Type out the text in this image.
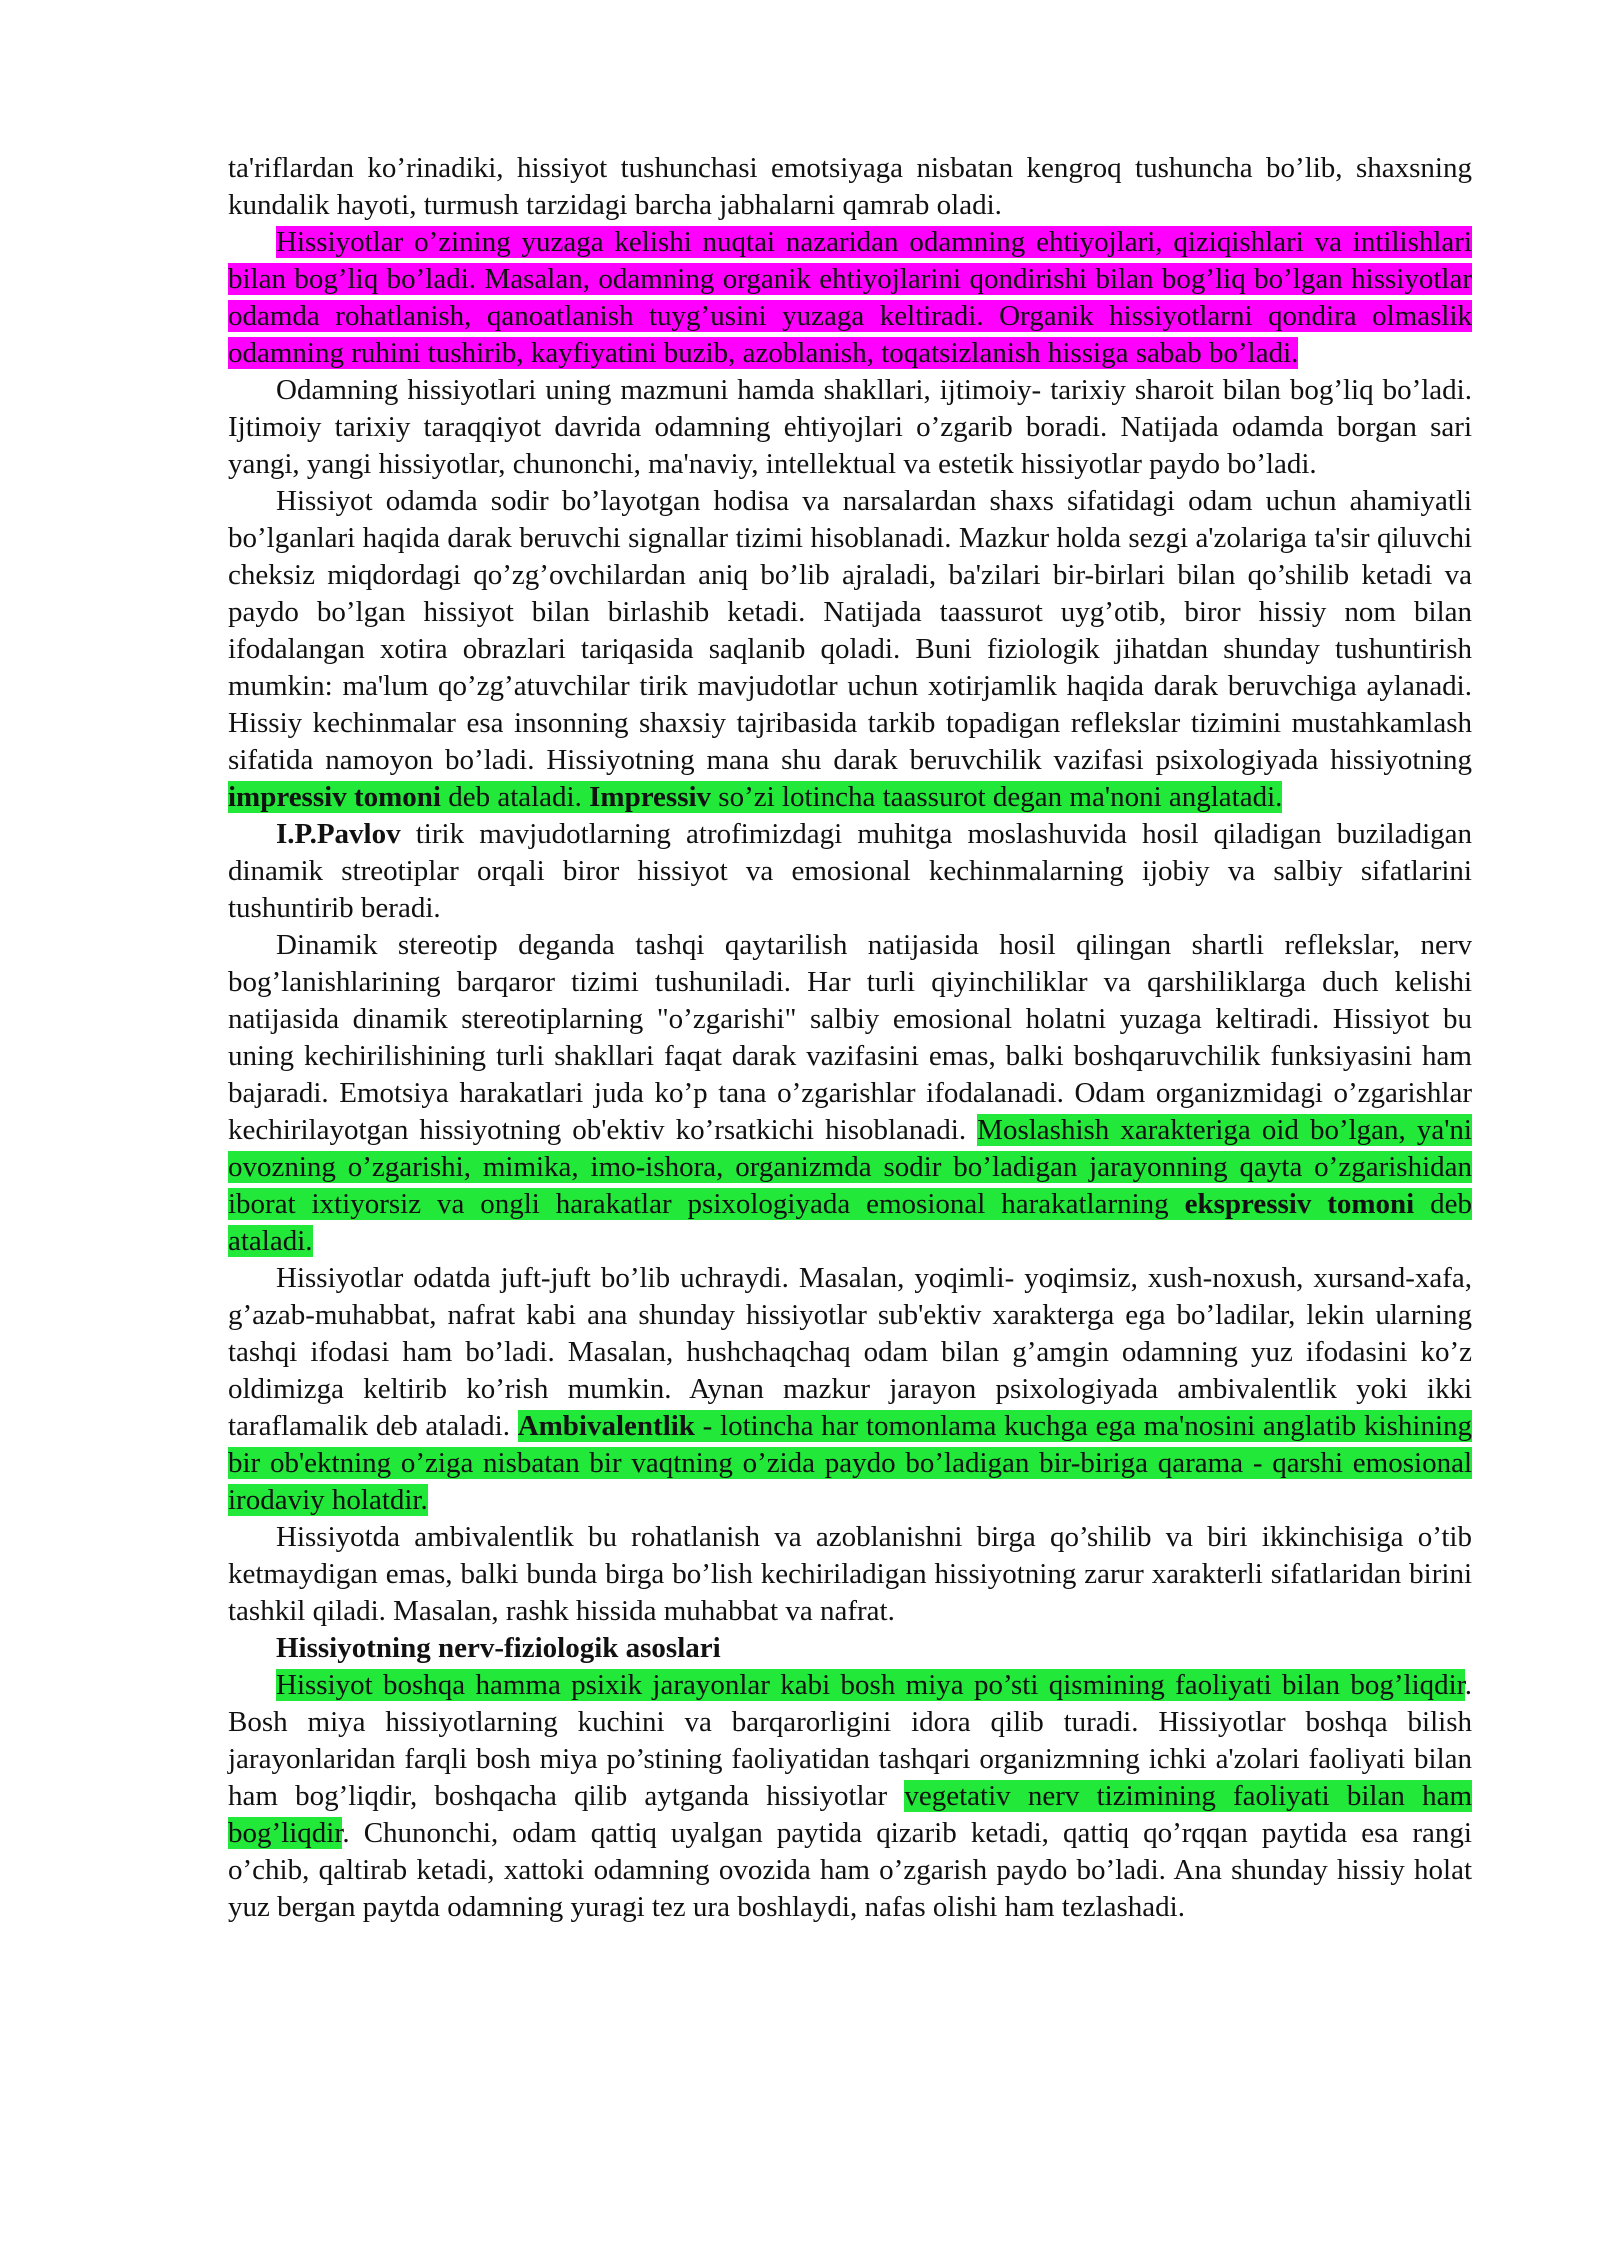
ta'riflardan ko’rinadiki, hissiyot tushunchasi emotsiyaga nisbatan kengroq tushuncha bo’lib, shaxsning kundalik hayoti, turmush tarzidagi barcha jabhalarni qamrab oladi.

Hissiyotlar o’zining yuzaga kelishi nuqtai nazaridan odamning ehtiyojlari, qiziqishlari va intilishlari bilan bog’liq bo’ladi. Masalan, odamning organik ehtiyojlarini qondirishi bilan bog’liq bo’lgan hissiyotlar odamda rohatlanish, qanoatlanish tuyg’usini yuzaga keltiradi. Organik hissiyotlarni qondira olmaslik odamning ruhini tushirib, kayfiyatini buzib, azoblanish, toqatsizlanish hissiga sabab bo’ladi.

Odamning hissiyotlari uning mazmuni hamda shakllari, ijtimoiy- tarixiy sharoit bilan bog’liq bo’ladi. Ijtimoiy tarixiy taraqqiyot davrida odamning ehtiyojlari o’zgarib boradi. Natijada odamda borgan sari yangi, yangi hissiyotlar, chunonchi, ma'naviy, intellektual va estetik hissiyotlar paydo bo’ladi.

Hissiyot odamda sodir bo’layotgan hodisa va narsalardan shaxs sifatidagi odam uchun ahamiyatli bo’lganlari haqida darak beruvchi signallar tizimi hisoblanadi. Mazkur holda sezgi a'zolariga ta'sir qiluvchi cheksiz miqdordagi qo’zg’ovchilardan aniq bo’lib ajraladi, ba'zilari bir-birlari bilan qo’shilib ketadi va paydo bo’lgan hissiyot bilan birlashib ketadi. Natijada taassurot uyg’otib, biror hissiy nom bilan ifodalangan xotira obrazlari tariqasida saqlanib qoladi. Buni fiziologik jihatdan shunday tushuntirish mumkin: ma'lum qo’zg’atuvchilar tirik mavjudotlar uchun xotirjamlik haqida darak beruvchiga aylanadi. Hissiy kechinmalar esa insonning shaxsiy tajribasida tarkib topadigan reflekslar tizimini mustahkamlash sifatida namoyon bo’ladi. Hissiyotning mana shu darak beruvchilik vazifasi psixologiyada hissiyotning impressiv tomoni deb ataladi. Impressiv so’zi lotincha taassurot degan ma'noni anglatadi.

I.P.Pavlov tirik mavjudotlarning atrofimizdagi muhitga moslashuvida hosil qiladigan buziladigan dinamik streotiplar orqali biror hissiyot va emosional kechinmalarning ijobiy va salbiy sifatlarini tushuntirib beradi.

Dinamik stereotip deganda tashqi qaytarilish natijasida hosil qilingan shartli reflekslar, nerv bog’lanishlarining barqaror tizimi tushuniladi. Har turli qiyinchiliklar va qarshiliklarga duch kelishi natijasida dinamik stereotiplarning "o’zgarishi" salbiy emosional holatni yuzaga keltiradi. Hissiyot bu uning kechirilishining turli shakllari faqat darak vazifasini emas, balki boshqaruvchilik funksiyasini ham bajaradi. Emotsiya harakatlari juda ko’p tana o’zgarishlar ifodalanadi. Odam organizmidagi o’zgarishlar kechirilayotgan hissiyotning ob'ektiv ko’rsatkichi hisoblanadi. Moslashish xarakteriga oid bo’lgan, ya'ni ovozning o’zgarishi, mimika, imo-ishora, organizmda sodir bo’ladigan jarayonning qayta o’zgarishidan iborat ixtiyorsiz va ongli harakatlar psixologiyada emosional harakatlarning ekspressiv tomoni deb ataladi.

Hissiyotlar odatda juft-juft bo’lib uchraydi. Masalan, yoqimli- yoqimsiz, xush-noxush, xursand-xafa, g’azab-muhabbat, nafrat kabi ana shunday hissiyotlar sub'ektiv xarakterga ega bo’ladilar, lekin ularning tashqi ifodasi ham bo’ladi. Masalan, hushchaqchaq odam bilan g’amgin odamning yuz ifodasini ko’z oldimizga keltirib ko’rish mumkin. Aynan mazkur jarayon psixologiyada ambivalentlik yoki ikki taraflamalik deb ataladi. Ambivalentlik - lotincha har tomonlama kuchga ega ma'nosini anglatib kishining bir ob'ektning o’ziga nisbatan bir vaqtning o’zida paydo bo’ladigan bir-biriga qarama - qarshi emosional irodaviy holatdir.

Hissiyotda ambivalentlik bu rohatlanish va azoblanishni birga qo’shilib va biri ikkinchisiga o’tib ketmaydigan emas, balki bunda birga bo’lish kechiriladigan hissiyotning zarur xarakterli sifatlaridan birini tashkil qiladi. Masalan, rashk hissida muhabbat va nafrat.

Hissiyotning nerv-fiziologik asoslari

Hissiyot boshqa hamma psixik jarayonlar kabi bosh miya po’sti qismining faoliyati bilan bog’liqdir. Bosh miya hissiyotlarning kuchini va barqarorligini idora qilib turadi. Hissiyotlar boshqa bilish jarayonlaridan farqli bosh miya po’stining faoliyatidan tashqari organizmning ichki a'zolari faoliyati bilan ham bog’liqdir, boshqacha qilib aytganda hissiyotlar vegetativ nerv tizimining faoliyati bilan ham bog’liqdir. Chunonchi, odam qattiq uyalgan paytida qizarib ketadi, qattiq qo’rqqan paytida esa rangi o’chib, qaltirab ketadi, xattoki odamning ovozida ham o’zgarish paydo bo’ladi. Ana shunday hissiy holat yuz bergan paytda odamning yuragi tez ura boshlaydi, nafas olishi ham tezlashadi.
